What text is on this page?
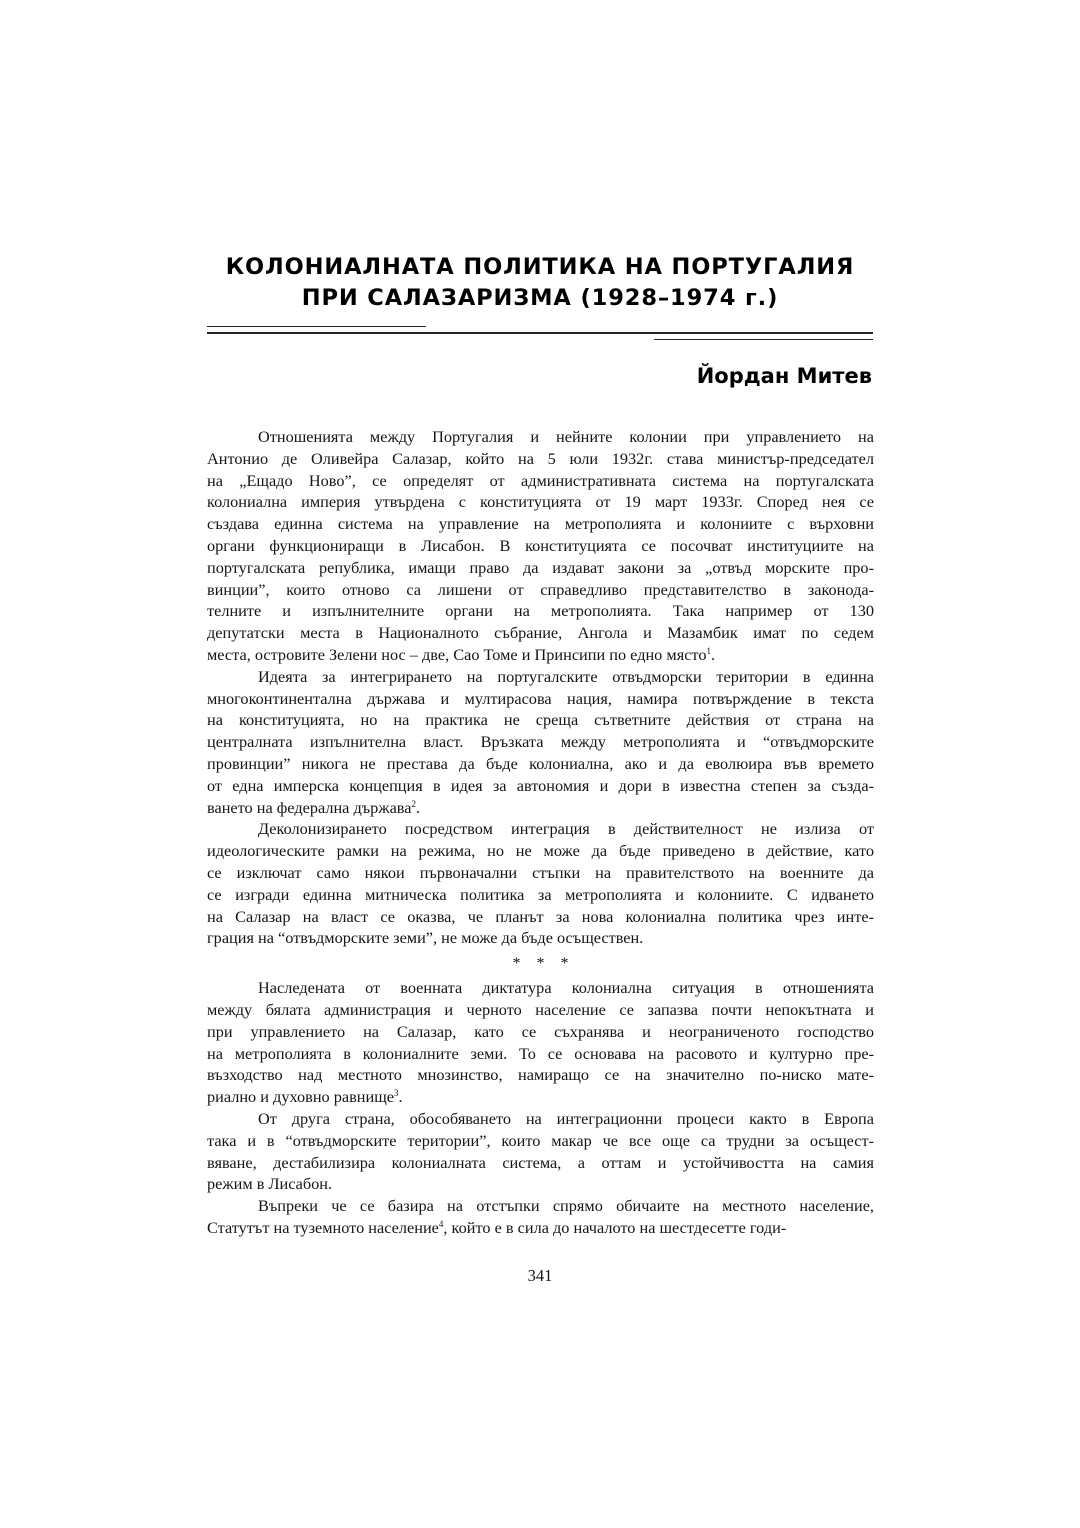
КОЛОНИАЛНАТА ПОЛИТИКА НА ПОРТУГАЛИЯ
ПРИ САЛАЗАРИЗМА (1928–1974 г.)
Йордан Митев
Отношенията между Португалия и нейните колонии при управлението на
Антонио де Оливейра Салазар, който на 5 юли 1932г. става министър-председател
на „Ещадо Ново”, се определят от административната система на португалската
колониална империя утвърдена с конституцията от 19 март 1933г. Според нея се
създава единна система на управление на метрополията и колониите с върховни
органи функциониращи в Лисабон. В конституцията се посочват институциите на
португалската република, имащи право да издават закони за „отвъд морските про-
винции”, които отново са лишени от справедливо представителство в законода-
телните и изпълнителните органи на метрополията. Така например от 130
депутатски места в Националното събрание, Ангола и Мазамбик имат по седем
места, островите Зелени нос – две, Сао Томе и Принсипи по едно място$^1$.
Идеята за интегрирането на португалските отвъдморски територии в единна
многоконтинентална държава и мултирасова нация, намира потвърждение в текста
на конституцията, но на практика не среща сътветните действия от страна на
централната изпълнителна власт. Връзката между метрополията и “отвъдморските
провинции” никога не престава да бъде колониална, ако и да еволюира във времето
от една имперска концепция в идея за автономия и дори в известна степен за създа-
ването на федерална държава$^2$.
Деколонизирането посредством интеграция в действителност не излиза от
идеологическите рамки на режима, но не може да бъде приведено в действие, като
се изключат само някои първоначални стъпки на правителството на военните да
се изгради единна митническа политика за метрополията и колониите. С идването
на Салазар на власт се оказва, че планът за нова колониална политика чрез инте-
грация на “отвъдморските земи”, не може да бъде осъществен.
* * *
Наследената от военната диктатура колониална ситуация в отношенията
между бялата администрация и черното население се запазва почти непокътната и
при управлението на Салазар, като се съхранява и неограниченото господство
на метрополията в колониалните земи. То се основава на расовото и културно пре-
възходство над местното мнозинство, намиращо се на значително по-ниско мате-
риално и духовно равнище$^3$.
От друга страна, обособяването на интеграционни процеси както в Европа
така и в “отвъдморските територии”, които макар че все още са трудни за осъщест-
вяване, дестабилизира колониалната система, а оттам и устойчивостта на самия
режим в Лисабон.
Въпреки че се базира на отстъпки спрямо обичаите на местното население,
Статутът на туземното население$^4$, който е в сила до началото на шестдесетте годи-
341
